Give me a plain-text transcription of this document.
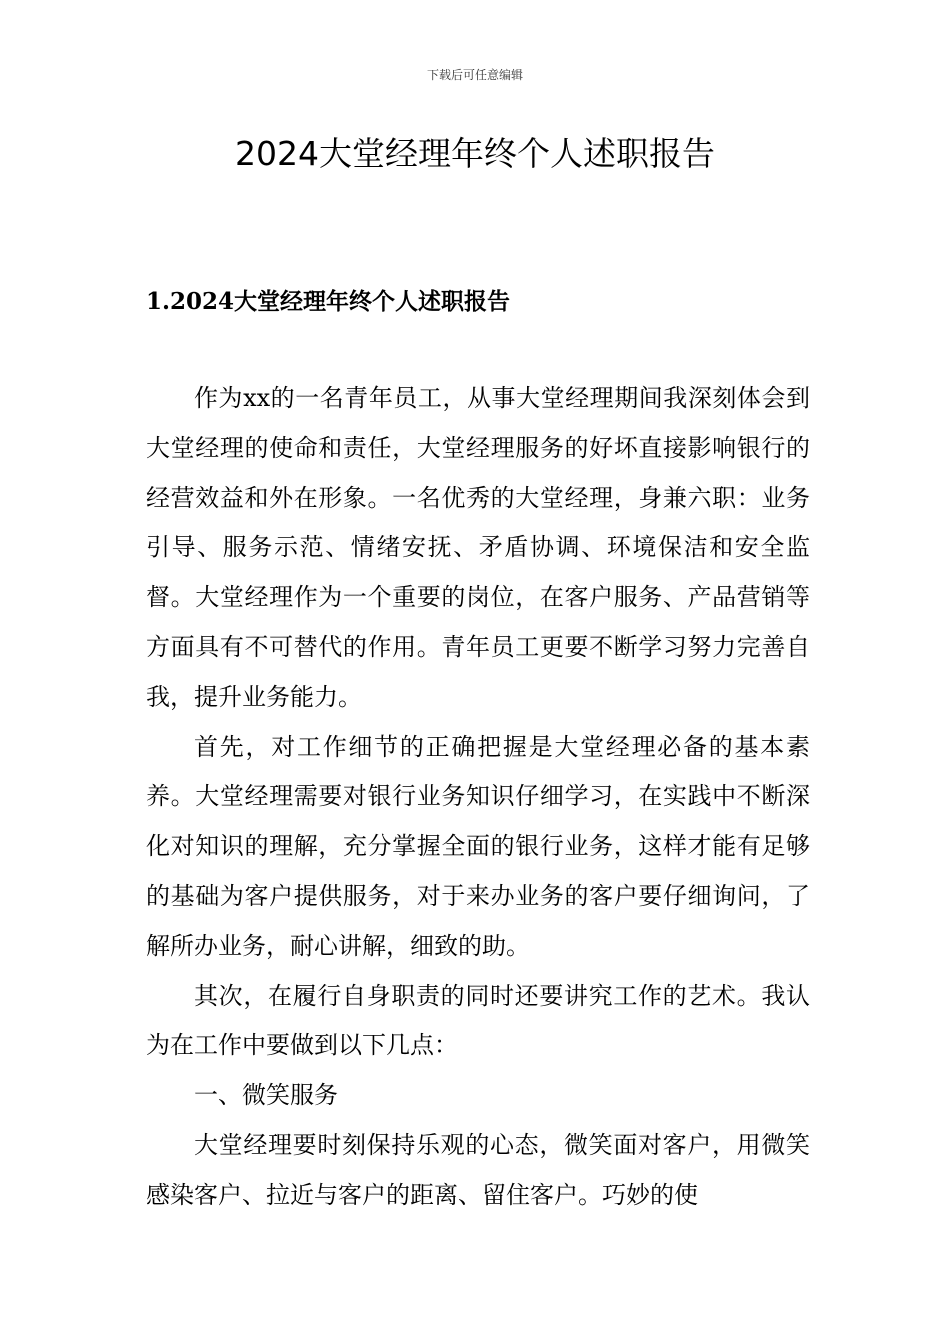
下载后可任意编辑
2024大堂经理年终个人述职报告
1.2024大堂经理年终个人述职报告

作为xx的一名青年员工，从事大堂经理期间我深刻体会到大堂经理的使命和责任，大堂经理服务的好坏直接影响银行的经营效益和外在形象。一名优秀的大堂经理，身兼六职：业务引导、服务示范、情绪安抚、矛盾协调、环境保洁和安全监督。大堂经理作为一个重要的岗位，在客户服务、产品营销等方面具有不可替代的作用。青年员工更要不断学习努力完善自我，提升业务能力。

首先，对工作细节的正确把握是大堂经理必备的基本素养。大堂经理需要对银行业务知识仔细学习，在实践中不断深化对知识的理解，充分掌握全面的银行业务，这样才能有足够的基础为客户提供服务，对于来办业务的客户要仔细询问，了解所办业务，耐心讲解，细致的助。

其次，在履行自身职责的同时还要讲究工作的艺术。我认为在工作中要做到以下几点：

一、微笑服务

大堂经理要时刻保持乐观的心态，微笑面对客户，用微笑感染客户、拉近与客户的距离、留住客户。巧妙的使
